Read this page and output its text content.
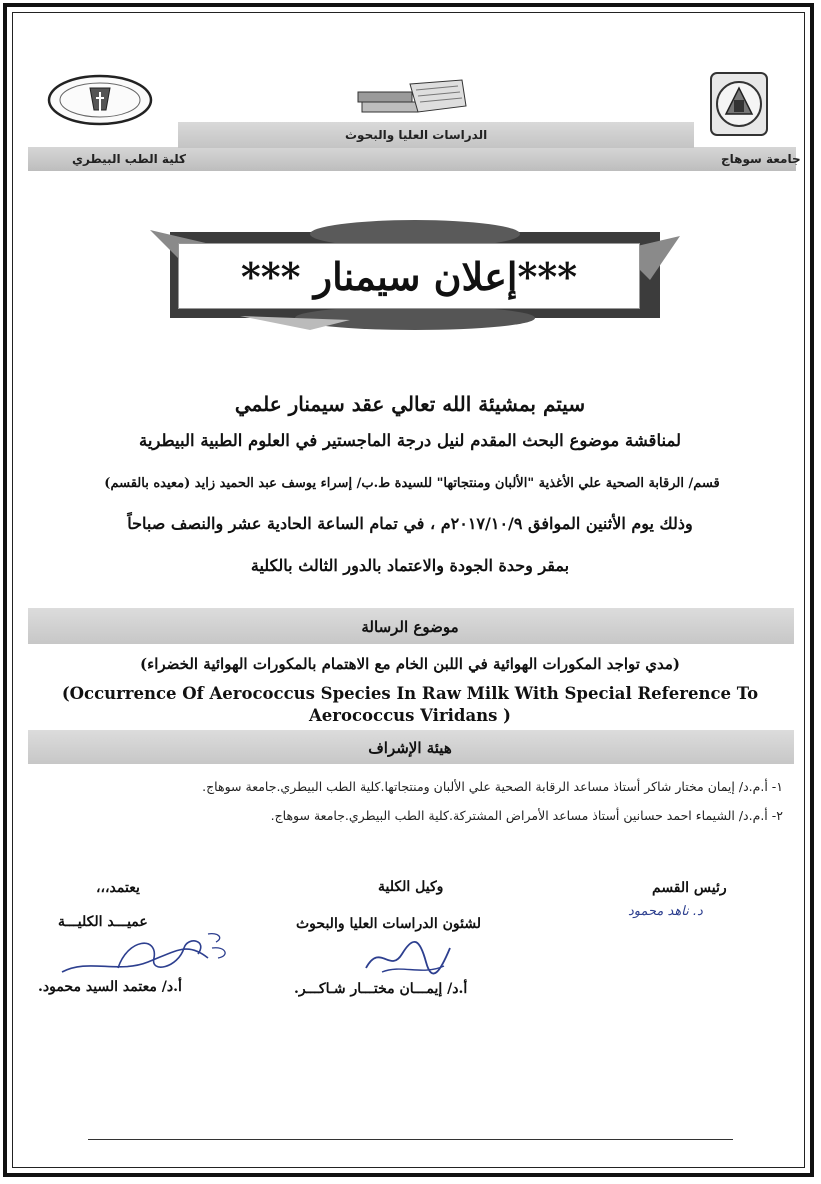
جامعة سوهاج
كلية الطب البيطري
الدراسات العليا والبحوث
***إعلان سيمنار ***
سيتم بمشيئة الله تعالي عقد سيمنار علمي
لمناقشة موضوع البحث المقدم لنيل درجة الماجستير في العلوم الطبية البيطرية
قسم/ الرقابة الصحية علي الأغذية "الألبان ومنتجاتها" للسيدة ط.ب/ إسراء يوسف عبد الحميد زايد (معيده بالقسم)
وذلك يوم الأثنين الموافق ٢٠١٧/١٠/٩م ، في تمام الساعة الحادية عشر والنصف صباحاً
بمقر وحدة الجودة والاعتماد بالدور الثالث بالكلية
موضوع الرسالة
(مدي تواجد المكورات الهوائية في اللبن الخام مع الاهتمام بالمكورات الهوائية الخضراء)
(Occurrence Of Aerococcus Species In Raw Milk With Special Reference To
Aerococcus Viridans )
هيئة الإشراف
١- أ.م.د/ إيمان مختار شاكر أستاذ مساعد الرقابة الصحية علي الألبان ومنتجاتها.كلية الطب البيطري.جامعة سوهاج.
٢- أ.م.د/ الشيماء احمد حسانين أستاذ مساعد الأمراض المشتركة.كلية الطب البيطري.جامعة سوهاج.
رئيس القسم
د. ناهد محمود
وكيل الكلية
لشئون الدراسات العليا والبحوث
أ.د/ إيمـــان مختـــار شـاكـــر.
يعتمد،،،
عميـــد الكليـــة
أ.د/ معتمد السيد محمود.
